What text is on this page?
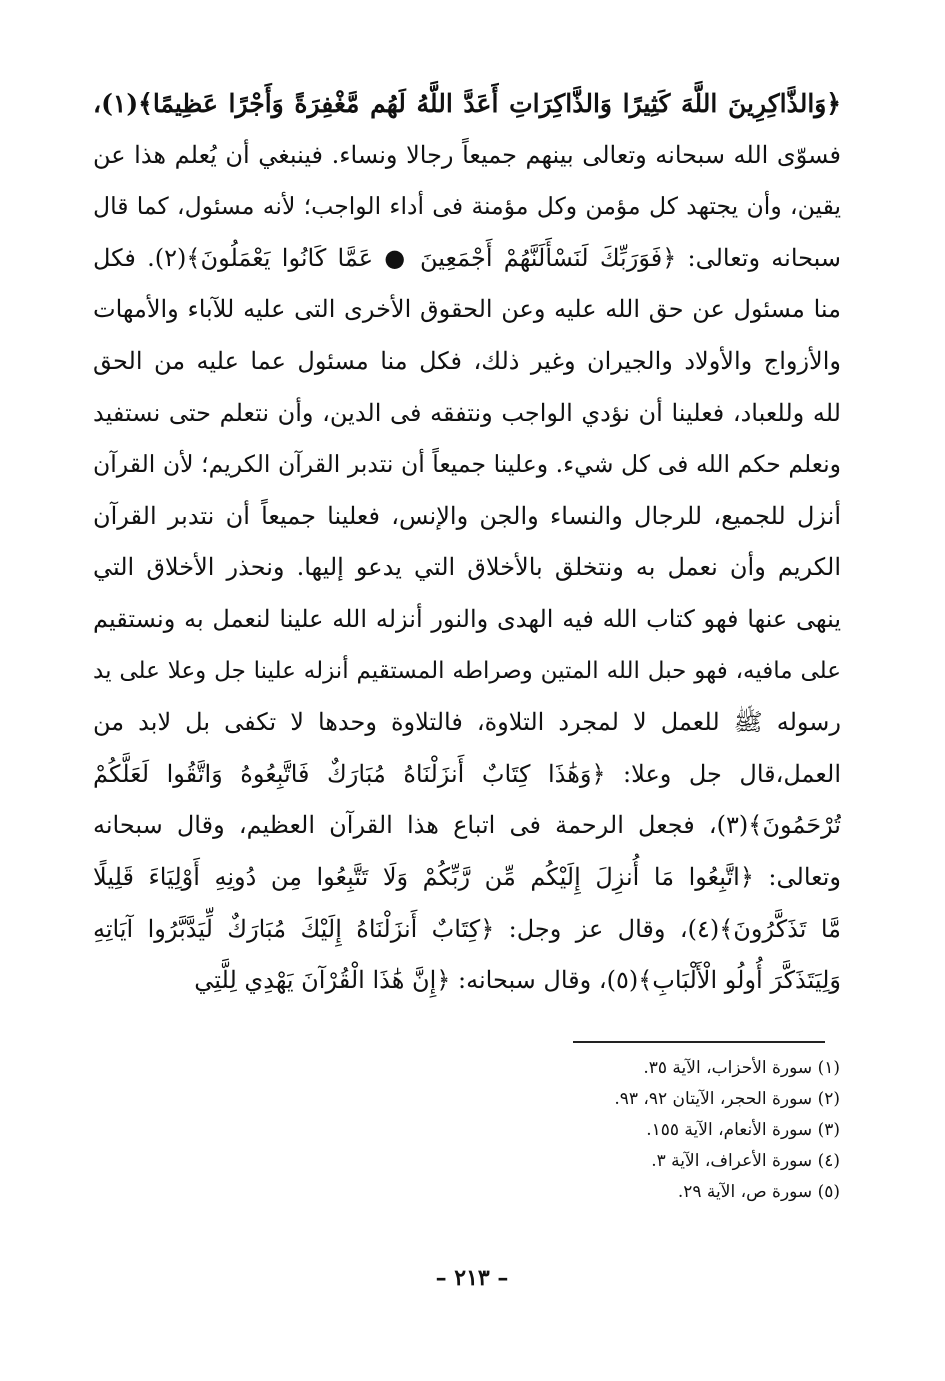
﴿وَالذَّاكِرِينَ اللَّهَ كَثِيرًا وَالذَّاكِرَاتِ أَعَدَّ اللَّهُ لَهُم مَّغْفِرَةً وَأَجْرًا عَظِيمًا﴾(١)،
فسوّى الله سبحانه وتعالى بينهم جميعاً رجالا ونساء. فينبغي أن يُعلم هذا عن
يقين، وأن يجتهد كل مؤمن وكل مؤمنة فى أداء الواجب؛ لأنه مسئول، كما قال
سبحانه وتعالى: ﴿فَوَرَبِّكَ لَنَسْأَلَنَّهُمْ أَجْمَعِينَ ● عَمَّا كَانُوا يَعْمَلُونَ﴾(٢). فكل
منا مسئول عن حق الله عليه وعن الحقوق الأخرى التى عليه للآباء والأمهات
والأزواج والأولاد والجيران وغير ذلك، فكل منا مسئول عما عليه من الحق
لله وللعباد، فعلينا أن نؤدي الواجب ونتفقه فى الدين، وأن نتعلم حتى نستفيد
ونعلم حكم الله فى كل شيء. وعلينا جميعاً أن نتدبر القرآن الكريم؛ لأن القرآن
أنزل للجميع، للرجال والنساء والجن والإنس، فعلينا جميعاً أن نتدبر القرآن
الكريم وأن نعمل به ونتخلق بالأخلاق التي يدعو إليها. ونحذر الأخلاق التي
ينهى عنها فهو كتاب الله فيه الهدى والنور أنزله الله علينا لنعمل به ونستقيم
على مافيه، فهو حبل الله المتين وصراطه المستقيم أنزله علينا جل وعلا على يد
رسوله ﷺ للعمل لا لمجرد التلاوة، فالتلاوة وحدها لا تكفى بل لابد من
العمل،قال جل وعلا: ﴿وَهَٰذَا كِتَابٌ أَنزَلْنَاهُ مُبَارَكٌ فَاتَّبِعُوهُ وَاتَّقُوا لَعَلَّكُمْ
تُرْحَمُونَ﴾(٣)، فجعل الرحمة فى اتباع هذا القرآن العظيم، وقال سبحانه
وتعالى: ﴿اتَّبِعُوا مَا أُنزِلَ إِلَيْكُم مِّن رَّبِّكُمْ وَلَا تَتَّبِعُوا مِن دُونِهِ أَوْلِيَاءَ قَلِيلًا
مَّا تَذَكَّرُونَ﴾(٤)، وقال عز وجل: ﴿كِتَابٌ أَنزَلْنَاهُ إِلَيْكَ مُبَارَكٌ لِّيَدَّبَّرُوا آيَاتِهِ
وَلِيَتَذَكَّرَ أُولُو الْأَلْبَابِ﴾(٥)، وقال سبحانه: ﴿إِنَّ هَٰذَا الْقُرْآنَ يَهْدِي لِلَّتِي
(١) سورة الأحزاب، الآية ٣٥.
(٢) سورة الحجر، الآيتان ٩٢، ٩٣.
(٣) سورة الأنعام، الآية ١٥٥.
(٤) سورة الأعراف، الآية ٣.
(٥) سورة ص، الآية ٢٩.
– ٢١٣ –
